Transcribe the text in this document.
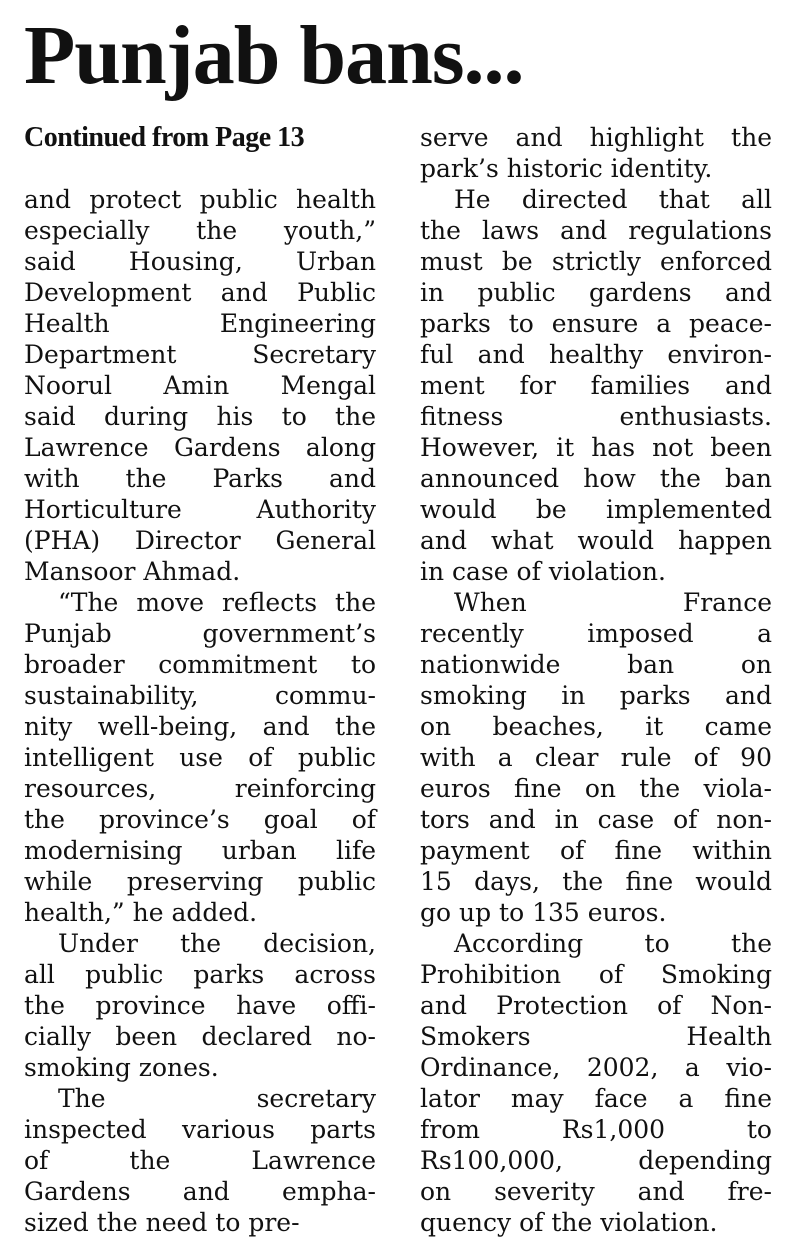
Punjab bans...
Continued from Page 13
and protect public health
especially the youth,”
said Housing, Urban
Development and Public
Health Engineering
Department Secretary
Noorul Amin Mengal
said during his to the
Lawrence Gardens along
with the Parks and
Horticulture Authority
(PHA) Director General
Mansoor Ahmad.
“The move reflects the
Punjab government’s
broader commitment to
sustainability, commu-
nity well-being, and the
intelligent use of public
resources, reinforcing
the province’s goal of
modernising urban life
while preserving public
health,” he added.
Under the decision,
all public parks across
the province have offi-
cially been declared no-
smoking zones.
The secretary
inspected various parts
of the Lawrence
Gardens and empha-
sized the need to pre-
serve and highlight the
park’s historic identity.
He directed that all
the laws and regulations
must be strictly enforced
in public gardens and
parks to ensure a peace-
ful and healthy environ-
ment for families and
fitness enthusiasts.
However, it has not been
announced how the ban
would be implemented
and what would happen
in case of violation.
When France
recently imposed a
nationwide ban on
smoking in parks and
on beaches, it came
with a clear rule of 90
euros fine on the viola-
tors and in case of non-
payment of fine within
15 days, the fine would
go up to 135 euros.
According to the
Prohibition of Smoking
and Protection of Non-
Smokers Health
Ordinance, 2002, a vio-
lator may face a fine
from Rs1,000 to
Rs100,000, depending
on severity and fre-
quency of the violation.
